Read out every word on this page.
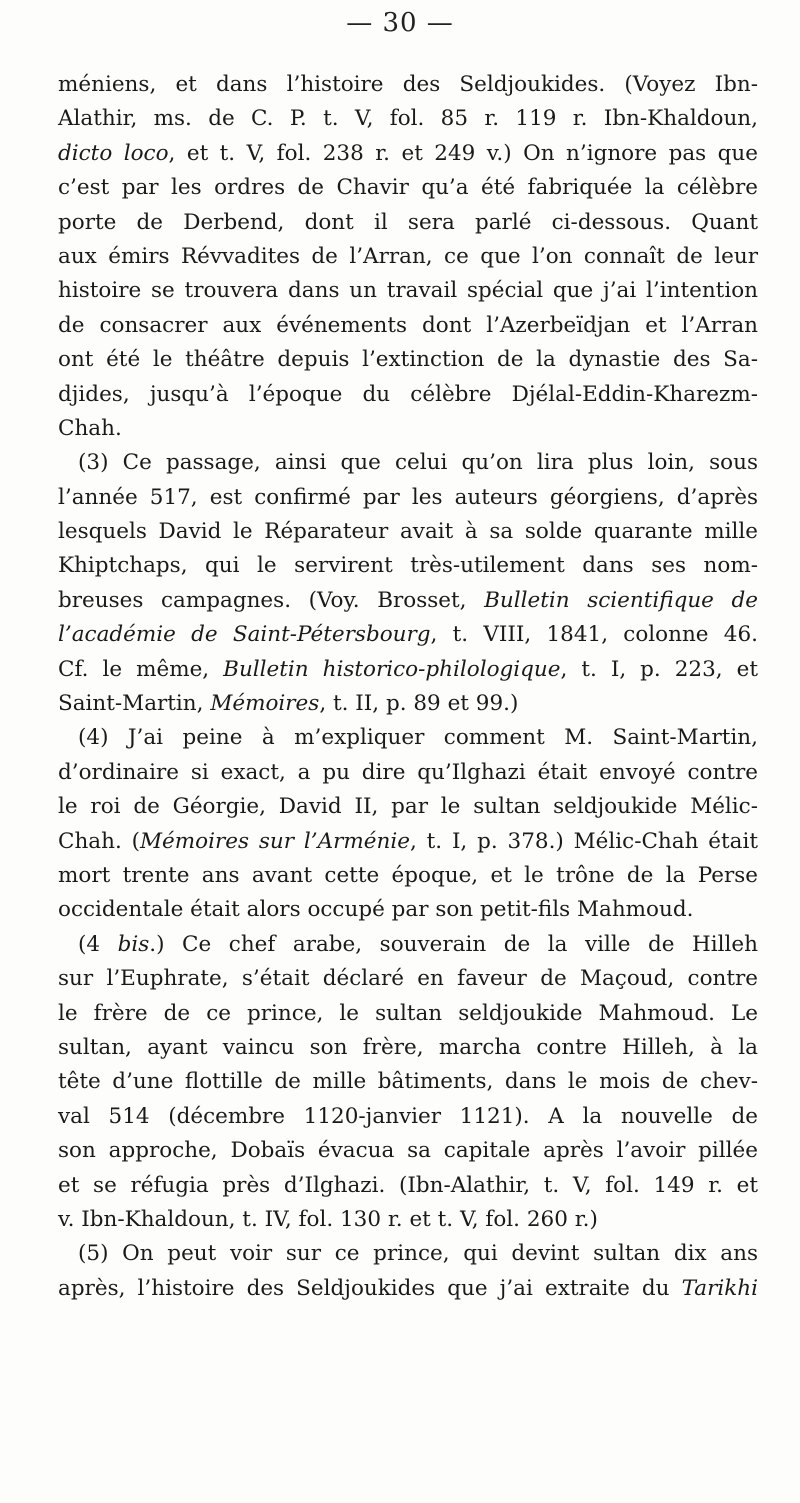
— 30 —
méniens, et dans l’histoire des Seldjoukides. (Voyez Ibn-
Alathir, ms. de C. P. t. V, fol. 85 r. 119 r. Ibn-Khaldoun,
dicto loco, et t. V, fol. 238 r. et 249 v.) On n’ignore pas que
c’est par les ordres de Chavir qu’a été fabriquée la célèbre
porte de Derbend, dont il sera parlé ci-dessous. Quant
aux émirs Révvadites de l’Arran, ce que l’on connaît de leur
histoire se trouvera dans un travail spécial que j’ai l’intention
de consacrer aux événements dont l’Azerbeïdjan et l’Arran
ont été le théâtre depuis l’extinction de la dynastie des Sa-
djides, jusqu’à l’époque du célèbre Djélal-Eddin-Kharezm-
Chah.
(3) Ce passage, ainsi que celui qu’on lira plus loin, sous
l’année 517, est confirmé par les auteurs géorgiens, d’après
lesquels David le Réparateur avait à sa solde quarante mille
Khiptchaps, qui le servirent très-utilement dans ses nom-
breuses campagnes. (Voy. Brosset, Bulletin scientifique de
l’académie de Saint-Pétersbourg, t. VIII, 1841, colonne 46.
Cf. le même, Bulletin historico-philologique, t. I, p. 223, et
Saint-Martin, Mémoires, t. II, p. 89 et 99.)
(4) J’ai peine à m’expliquer comment M. Saint-Martin,
d’ordinaire si exact, a pu dire qu’Ilghazi était envoyé contre
le roi de Géorgie, David II, par le sultan seldjoukide Mélic-
Chah. (Mémoires sur l’Arménie, t. I, p. 378.) Mélic-Chah était
mort trente ans avant cette époque, et le trône de la Perse
occidentale était alors occupé par son petit-fils Mahmoud.
(4 bis.) Ce chef arabe, souverain de la ville de Hilleh
sur l’Euphrate, s’était déclaré en faveur de Maçoud, contre
le frère de ce prince, le sultan seldjoukide Mahmoud. Le
sultan, ayant vaincu son frère, marcha contre Hilleh, à la
tête d’une flottille de mille bâtiments, dans le mois de chev-
val 514 (décembre 1120-janvier 1121). A la nouvelle de
son approche, Dobaïs évacua sa capitale après l’avoir pillée
et se réfugia près d’Ilghazi. (Ibn-Alathir, t. V, fol. 149 r. et
v. Ibn-Khaldoun, t. IV, fol. 130 r. et t. V, fol. 260 r.)
(5) On peut voir sur ce prince, qui devint sultan dix ans
après, l’histoire des Seldjoukides que j’ai extraite du Tarikhi
